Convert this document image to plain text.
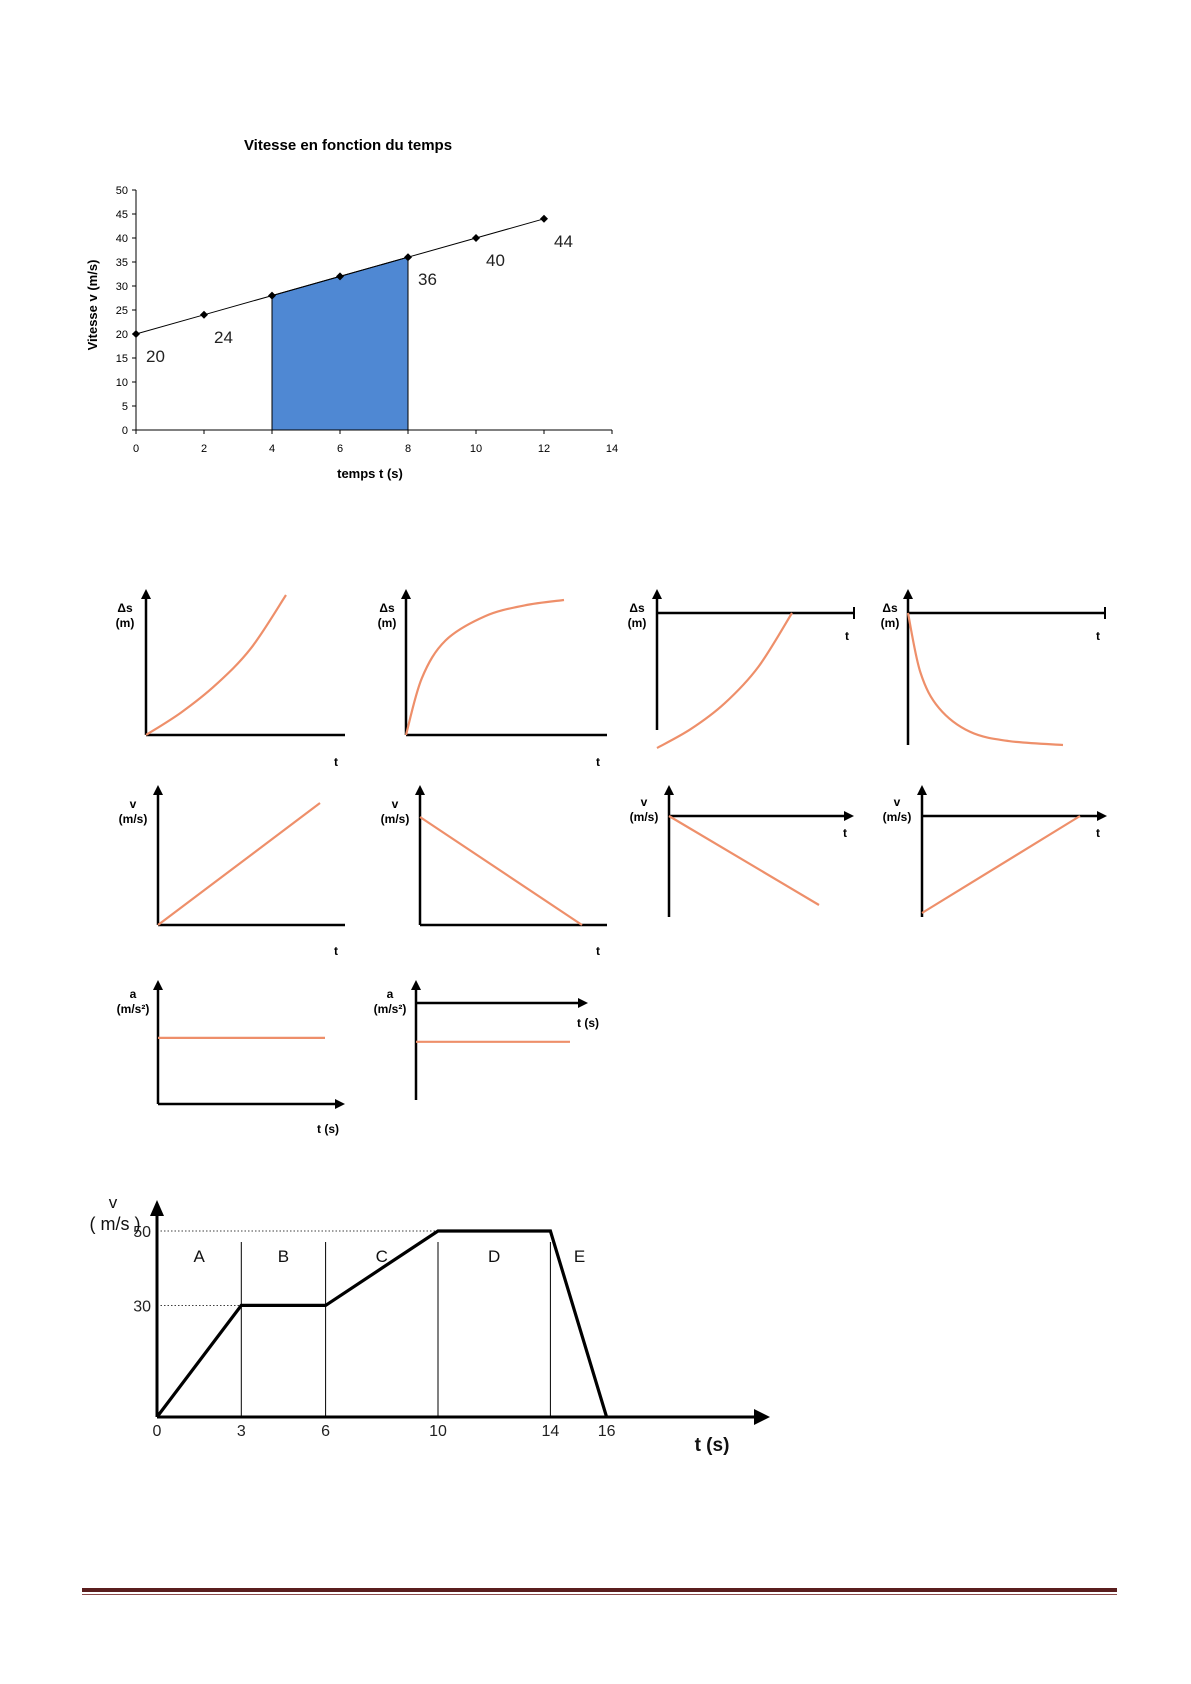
Vitesse en fonction du temps
Vitesse v (m/s)
temps t (s)
0
5
10
15
20
25
30
35
40
45
50
0	2	4	6	8	10	12	14
20
24
36
40
44
Δs
(m)
t
Δs
(m)
t
Δs
(m)
t
Δs
(m)
t
v
(m/s)
t
v
(m/s)
t
v
(m/s)
t
v
(m/s)
t
a
(m/s²)
t (s)
a
(m/s²)
t (s)
30
50
A	B	C	D	E
v
( m/s )
t (s)
0	3	6	10	14 16
